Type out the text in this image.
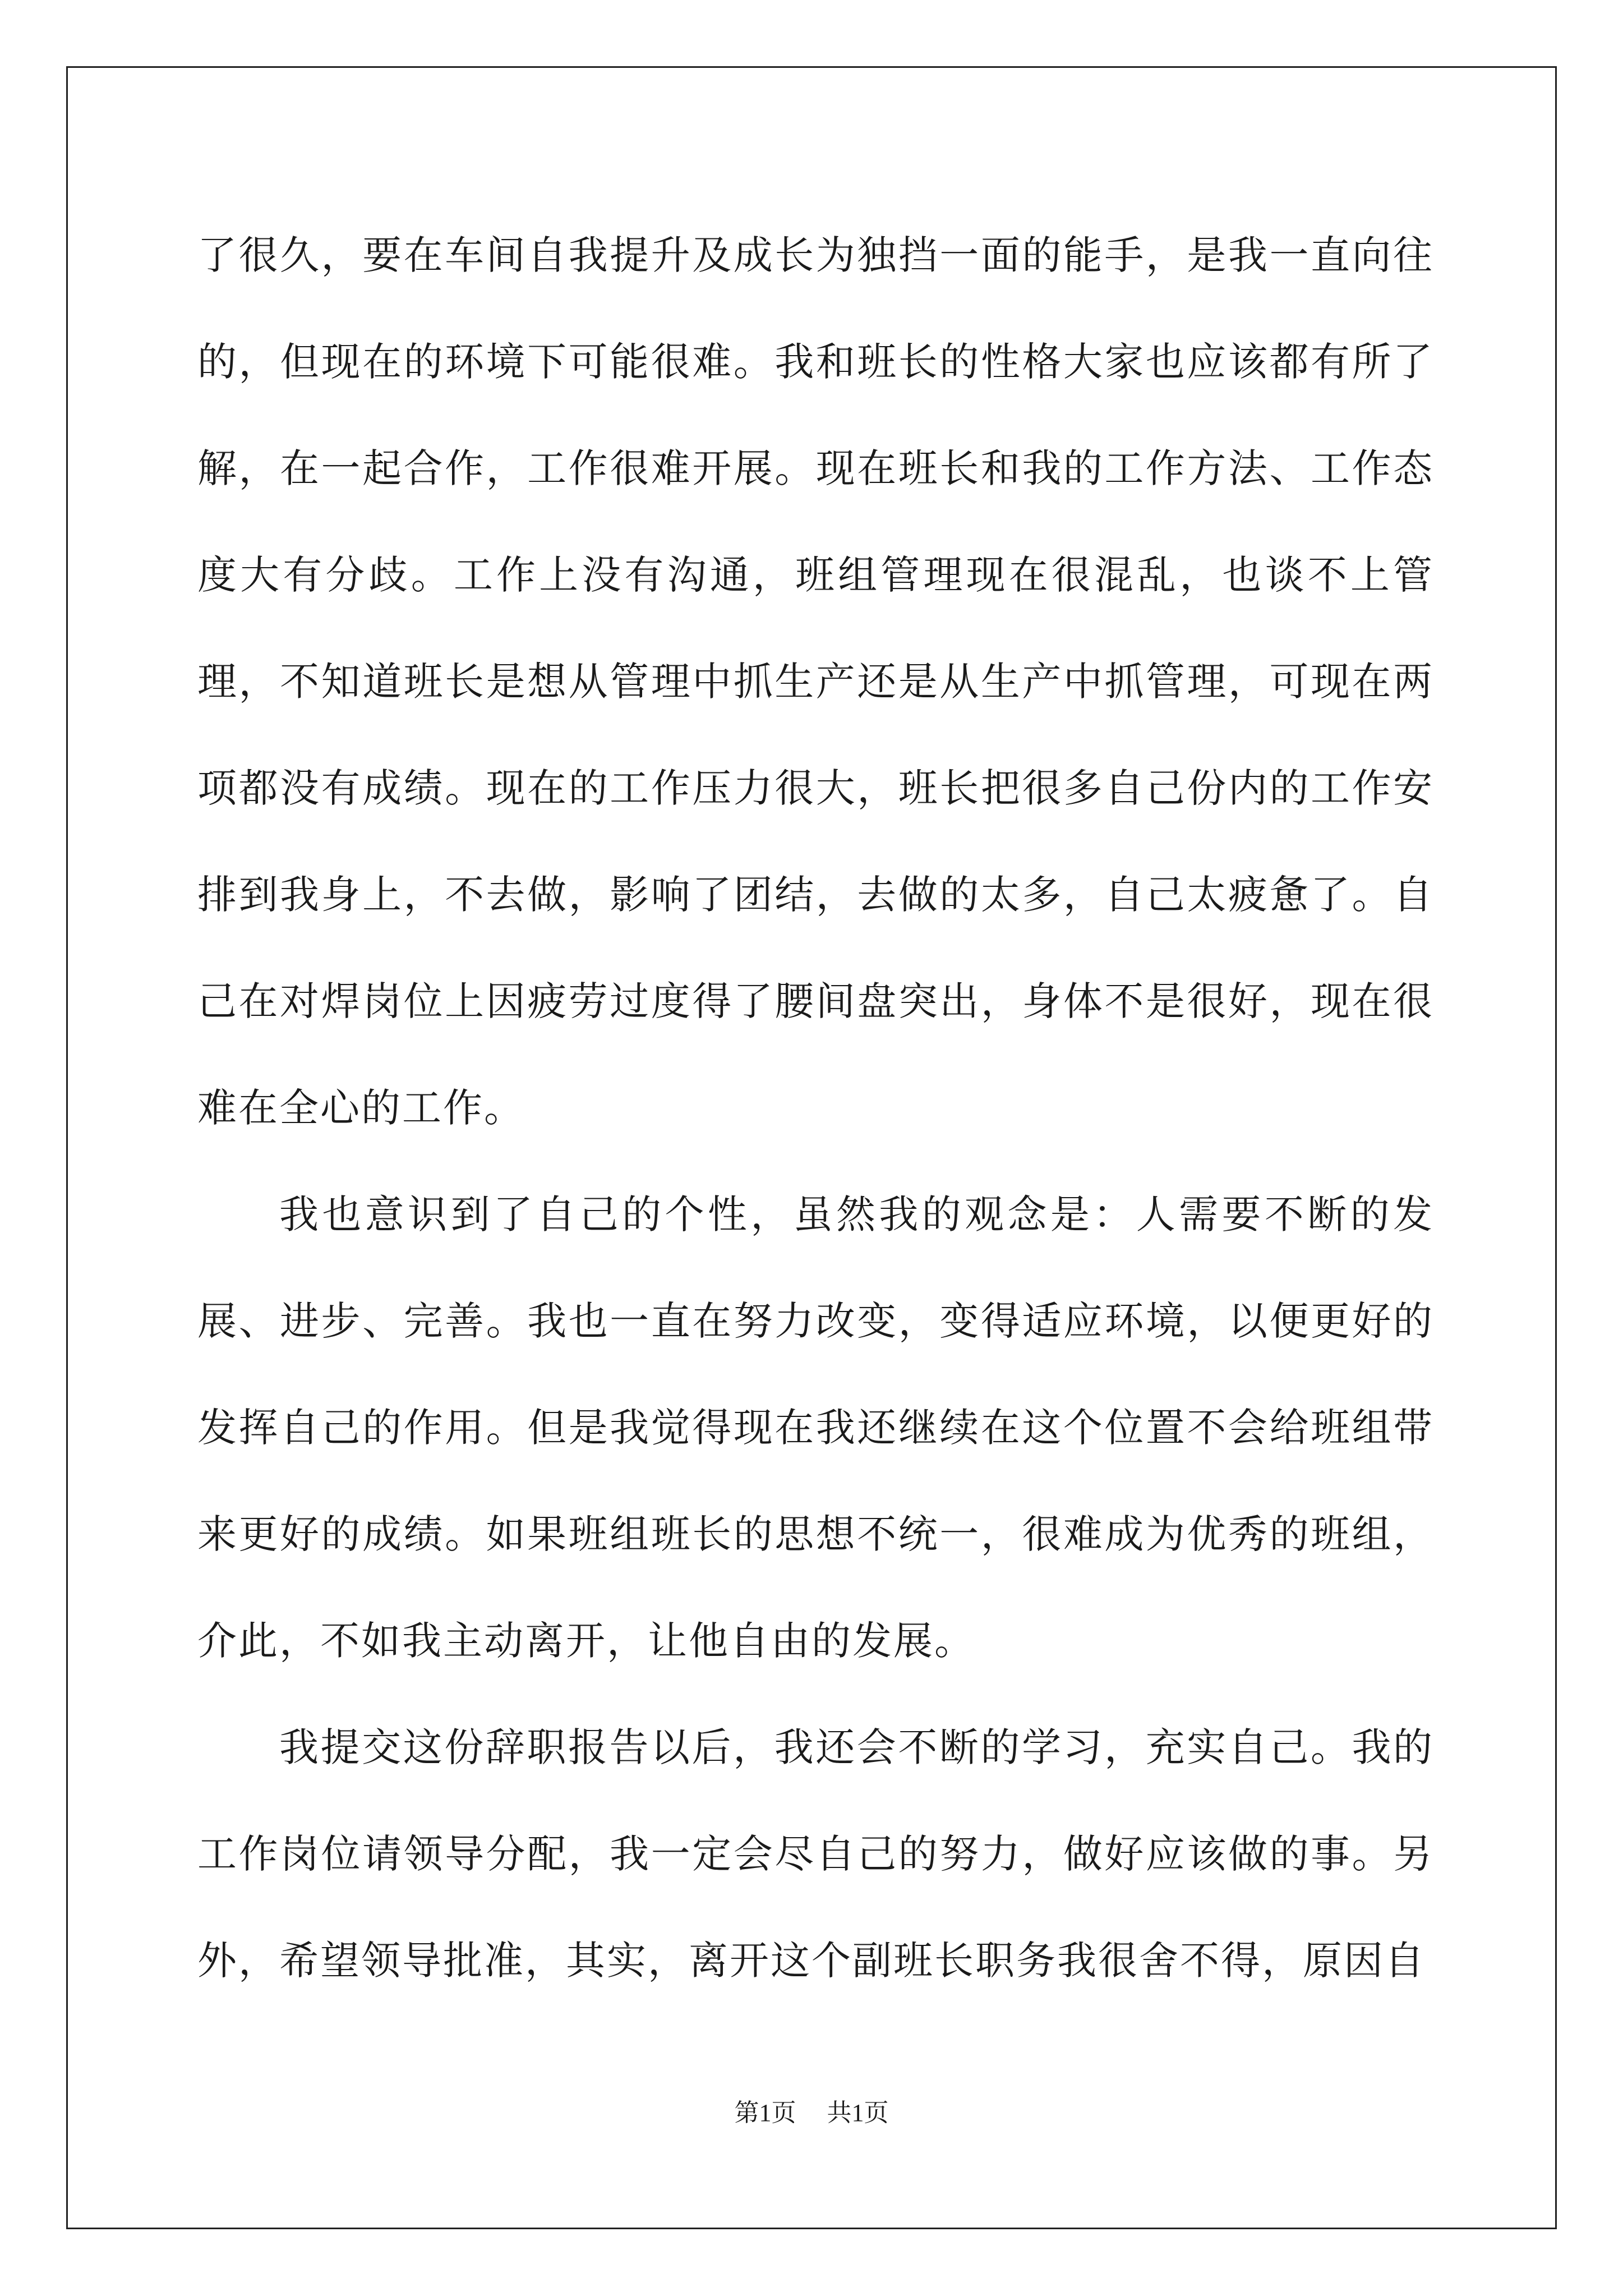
了很久，要在车间自我提升及成长为独挡一面的能手，是我一直向往的，但现在的环境下可能很难。我和班长的性格大家也应该都有所了解，在一起合作，工作很难开展。现在班长和我的工作方法、工作态度大有分歧。工作上没有沟通，班组管理现在很混乱，也谈不上管理，不知道班长是想从管理中抓生产还是从生产中抓管理，可现在两项都没有成绩。现在的工作压力很大，班长把很多自己份内的工作安排到我身上，不去做，影响了团结，去做的太多，自己太疲惫了。自己在对焊岗位上因疲劳过度得了腰间盘突出，身体不是很好，现在很难在全心的工作。

我也意识到了自己的个性，虽然我的观念是：人需要不断的发展、进步、完善。我也一直在努力改变，变得适应环境，以便更好的发挥自己的作用。但是我觉得现在我还继续在这个位置不会给班组带来更好的成绩。如果班组班长的思想不统一，很难成为优秀的班组，介此，不如我主动离开，让他自由的发展。

我提交这份辞职报告以后，我还会不断的学习，充实自己。我的工作岗位请领导分配，我一定会尽自己的努力，做好应该做的事。另外，希望领导批准，其实，离开这个副班长职务我很舍不得，原因自

第1页 共1页
